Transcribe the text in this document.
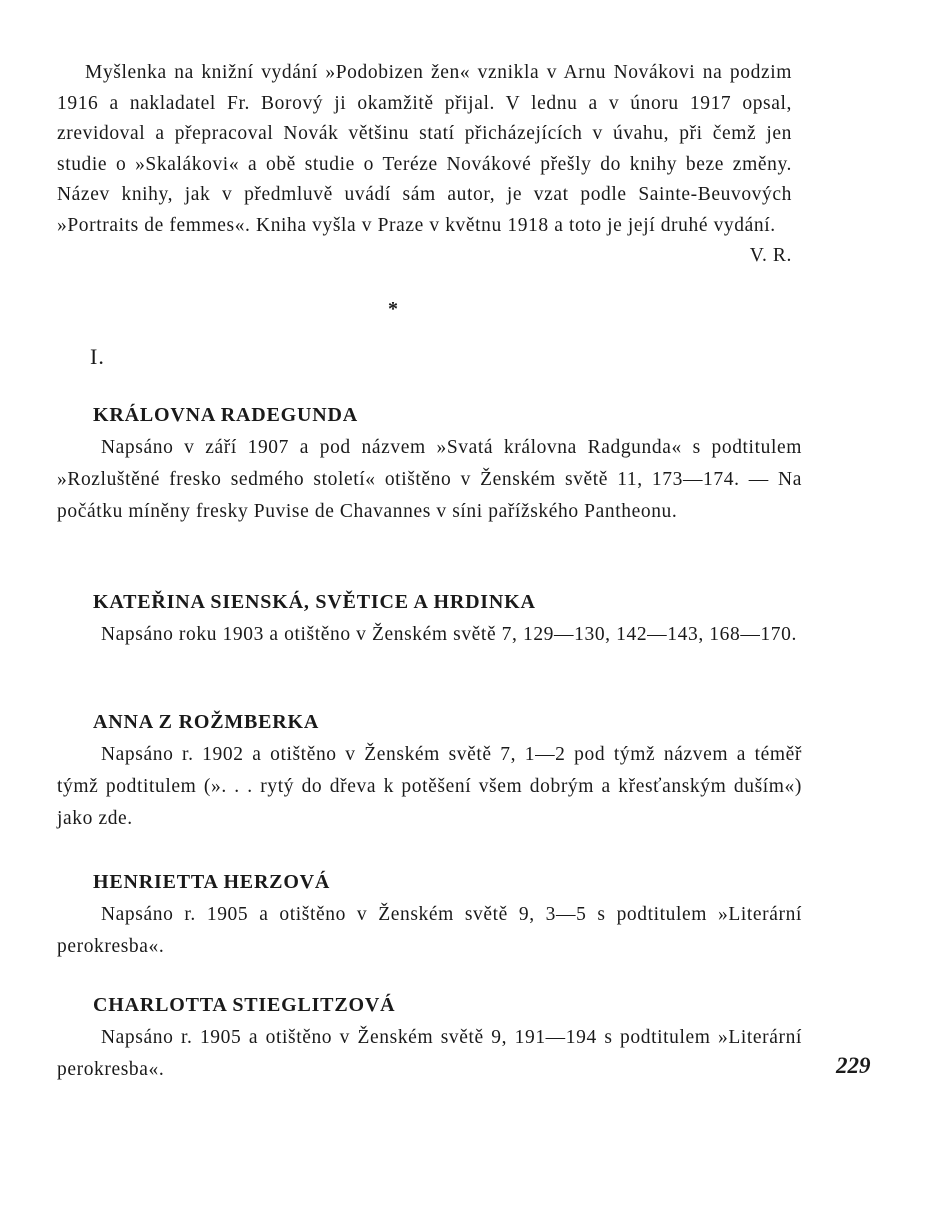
Myšlenka na knižní vydání »Podobizen žen« vznikla v Arnu Novákovi na podzim 1916 a nakladatel Fr. Borový ji okamžitě přijal. V lednu a v únoru 1917 opsal, zrevidoval a přepracoval Novák většinu statí přicházejících v úvahu, při čemž jen studie o »Skalákovi« a obě studie o Teréze Novákové přešly do knihy beze změny. Název knihy, jak v předmluvě uvádí sám autor, je vzat podle Sainte-Beuvových »Portraits de femmes«. Kniha vyšla v Praze v květnu 1918 a toto je její druhé vydání.
V. R.

*
I.
KRÁLOVNA RADEGUNDA

Napsáno v září 1907 a pod názvem »Svatá královna Radgunda« s podtitulem »Rozluštěné fresko sedmého století« otištěno v Ženském světě 11, 173—174. — Na počátku míněny fresky Puvise de Chavannes v síni pařížského Pantheonu.

KATEŘINA SIENSKÁ, SVĚTICE A HRDINKA

Napsáno roku 1903 a otištěno v Ženském světě 7, 129—130, 142—143, 168—170.

ANNA Z ROŽMBERKA

Napsáno r. 1902 a otištěno v Ženském světě 7, 1—2 pod týmž názvem a téměř týmž podtitulem (». . . rytý do dřeva k potěšení všem dobrým a křesťanským duším«) jako zde.

HENRIETTA HERZOVÁ

Napsáno r. 1905 a otištěno v Ženském světě 9, 3—5 s podtitulem »Literární perokresba«.

CHARLOTTA STIEGLITZOVÁ

Napsáno r. 1905 a otištěno v Ženském světě 9, 191—194 s podtitulem »Literární perokresba«.	229
